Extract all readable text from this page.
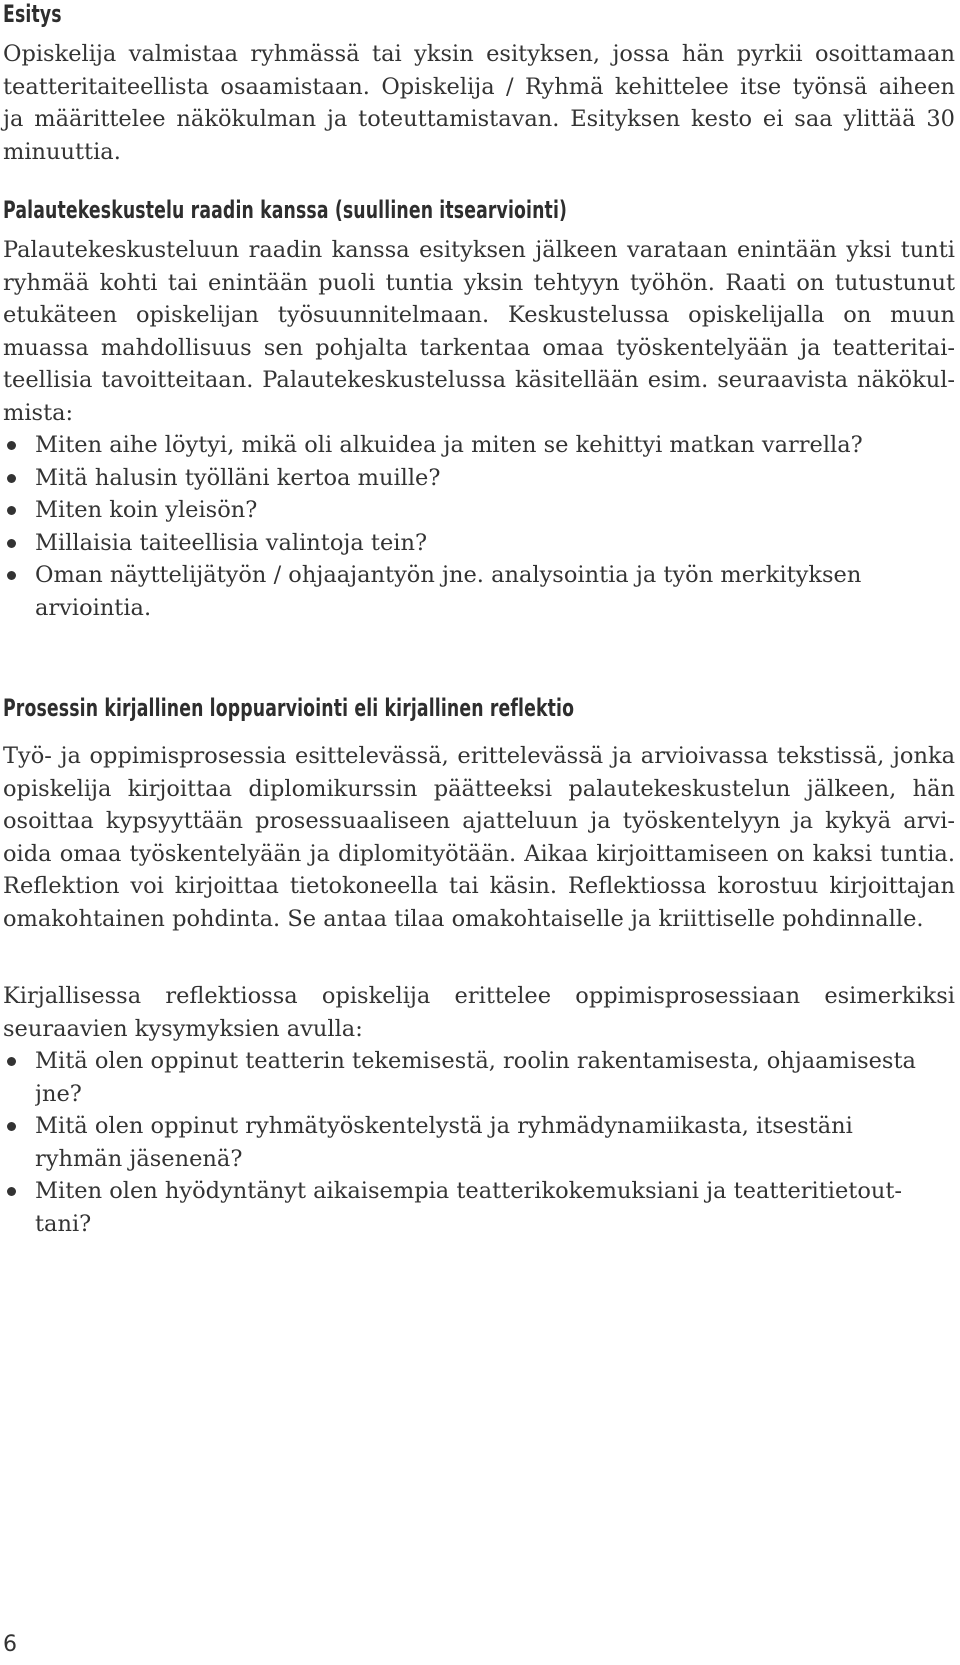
Esitys
Opiskelija valmistaa ryhmässä tai yksin esityksen, jossa hän pyrkii osoittamaan
teatteritaiteellista osaamistaan. Opiskelija / Ryhmä kehittelee itse työnsä aiheen
ja määrittelee näkökulman ja toteuttamistavan. Esityksen kesto ei saa ylittää 30
minuuttia.
Palautekeskustelu raadin kanssa (suullinen itsearviointi)
Palautekeskusteluun raadin kanssa esityksen jälkeen varataan enintään yksi tunti
ryhmää kohti tai enintään puoli tuntia yksin tehtyyn työhön. Raati on tutustunut
etukäteen opiskelijan työsuunnitelmaan. Keskustelussa opiskelijalla on muun
muassa mahdollisuus sen pohjalta tarkentaa omaa työskentelyään ja teatteritai-
teellisia tavoitteitaan. Palautekeskustelussa käsitellään esim. seuraavista näkökul-
mista:
Miten aihe löytyi, mikä oli alkuidea ja miten se kehittyi matkan varrella?
Mitä halusin työlläni kertoa muille?
Miten koin yleisön?
Millaisia taiteellisia valintoja tein?
Oman näyttelijätyön / ohjaajantyön jne. analysointia ja työn merkityksen
arviointia.
Prosessin kirjallinen loppuarviointi eli kirjallinen reflektio
Työ- ja oppimisprosessia esittelevässä, erittelevässä ja arvioivassa tekstissä, jonka
opiskelija kirjoittaa diplomikurssin päätteeksi palautekeskustelun jälkeen, hän
osoittaa kypsyyttään prosessuaaliseen ajatteluun ja työskentelyyn ja kykyä arvi-
oida omaa työskentelyään ja diplomityötään. Aikaa kirjoittamiseen on kaksi tuntia.
Reflektion voi kirjoittaa tietokoneella tai käsin. Reflektiossa korostuu kirjoittajan
omakohtainen pohdinta. Se antaa tilaa omakohtaiselle ja kriittiselle pohdinnalle.
Kirjallisessa reflektiossa opiskelija erittelee oppimisprosessiaan esimerkiksi
seuraavien kysymyksien avulla:
Mitä olen oppinut teatterin tekemisestä, roolin rakentamisesta, ohjaamisesta
jne?
Mitä olen oppinut ryhmätyöskentelystä ja ryhmädynamiikasta, itsestäni
ryhmän jäsenenä?
Miten olen hyödyntänyt aikaisempia teatterikokemuksiani ja teatteritietout-
tani?
6
